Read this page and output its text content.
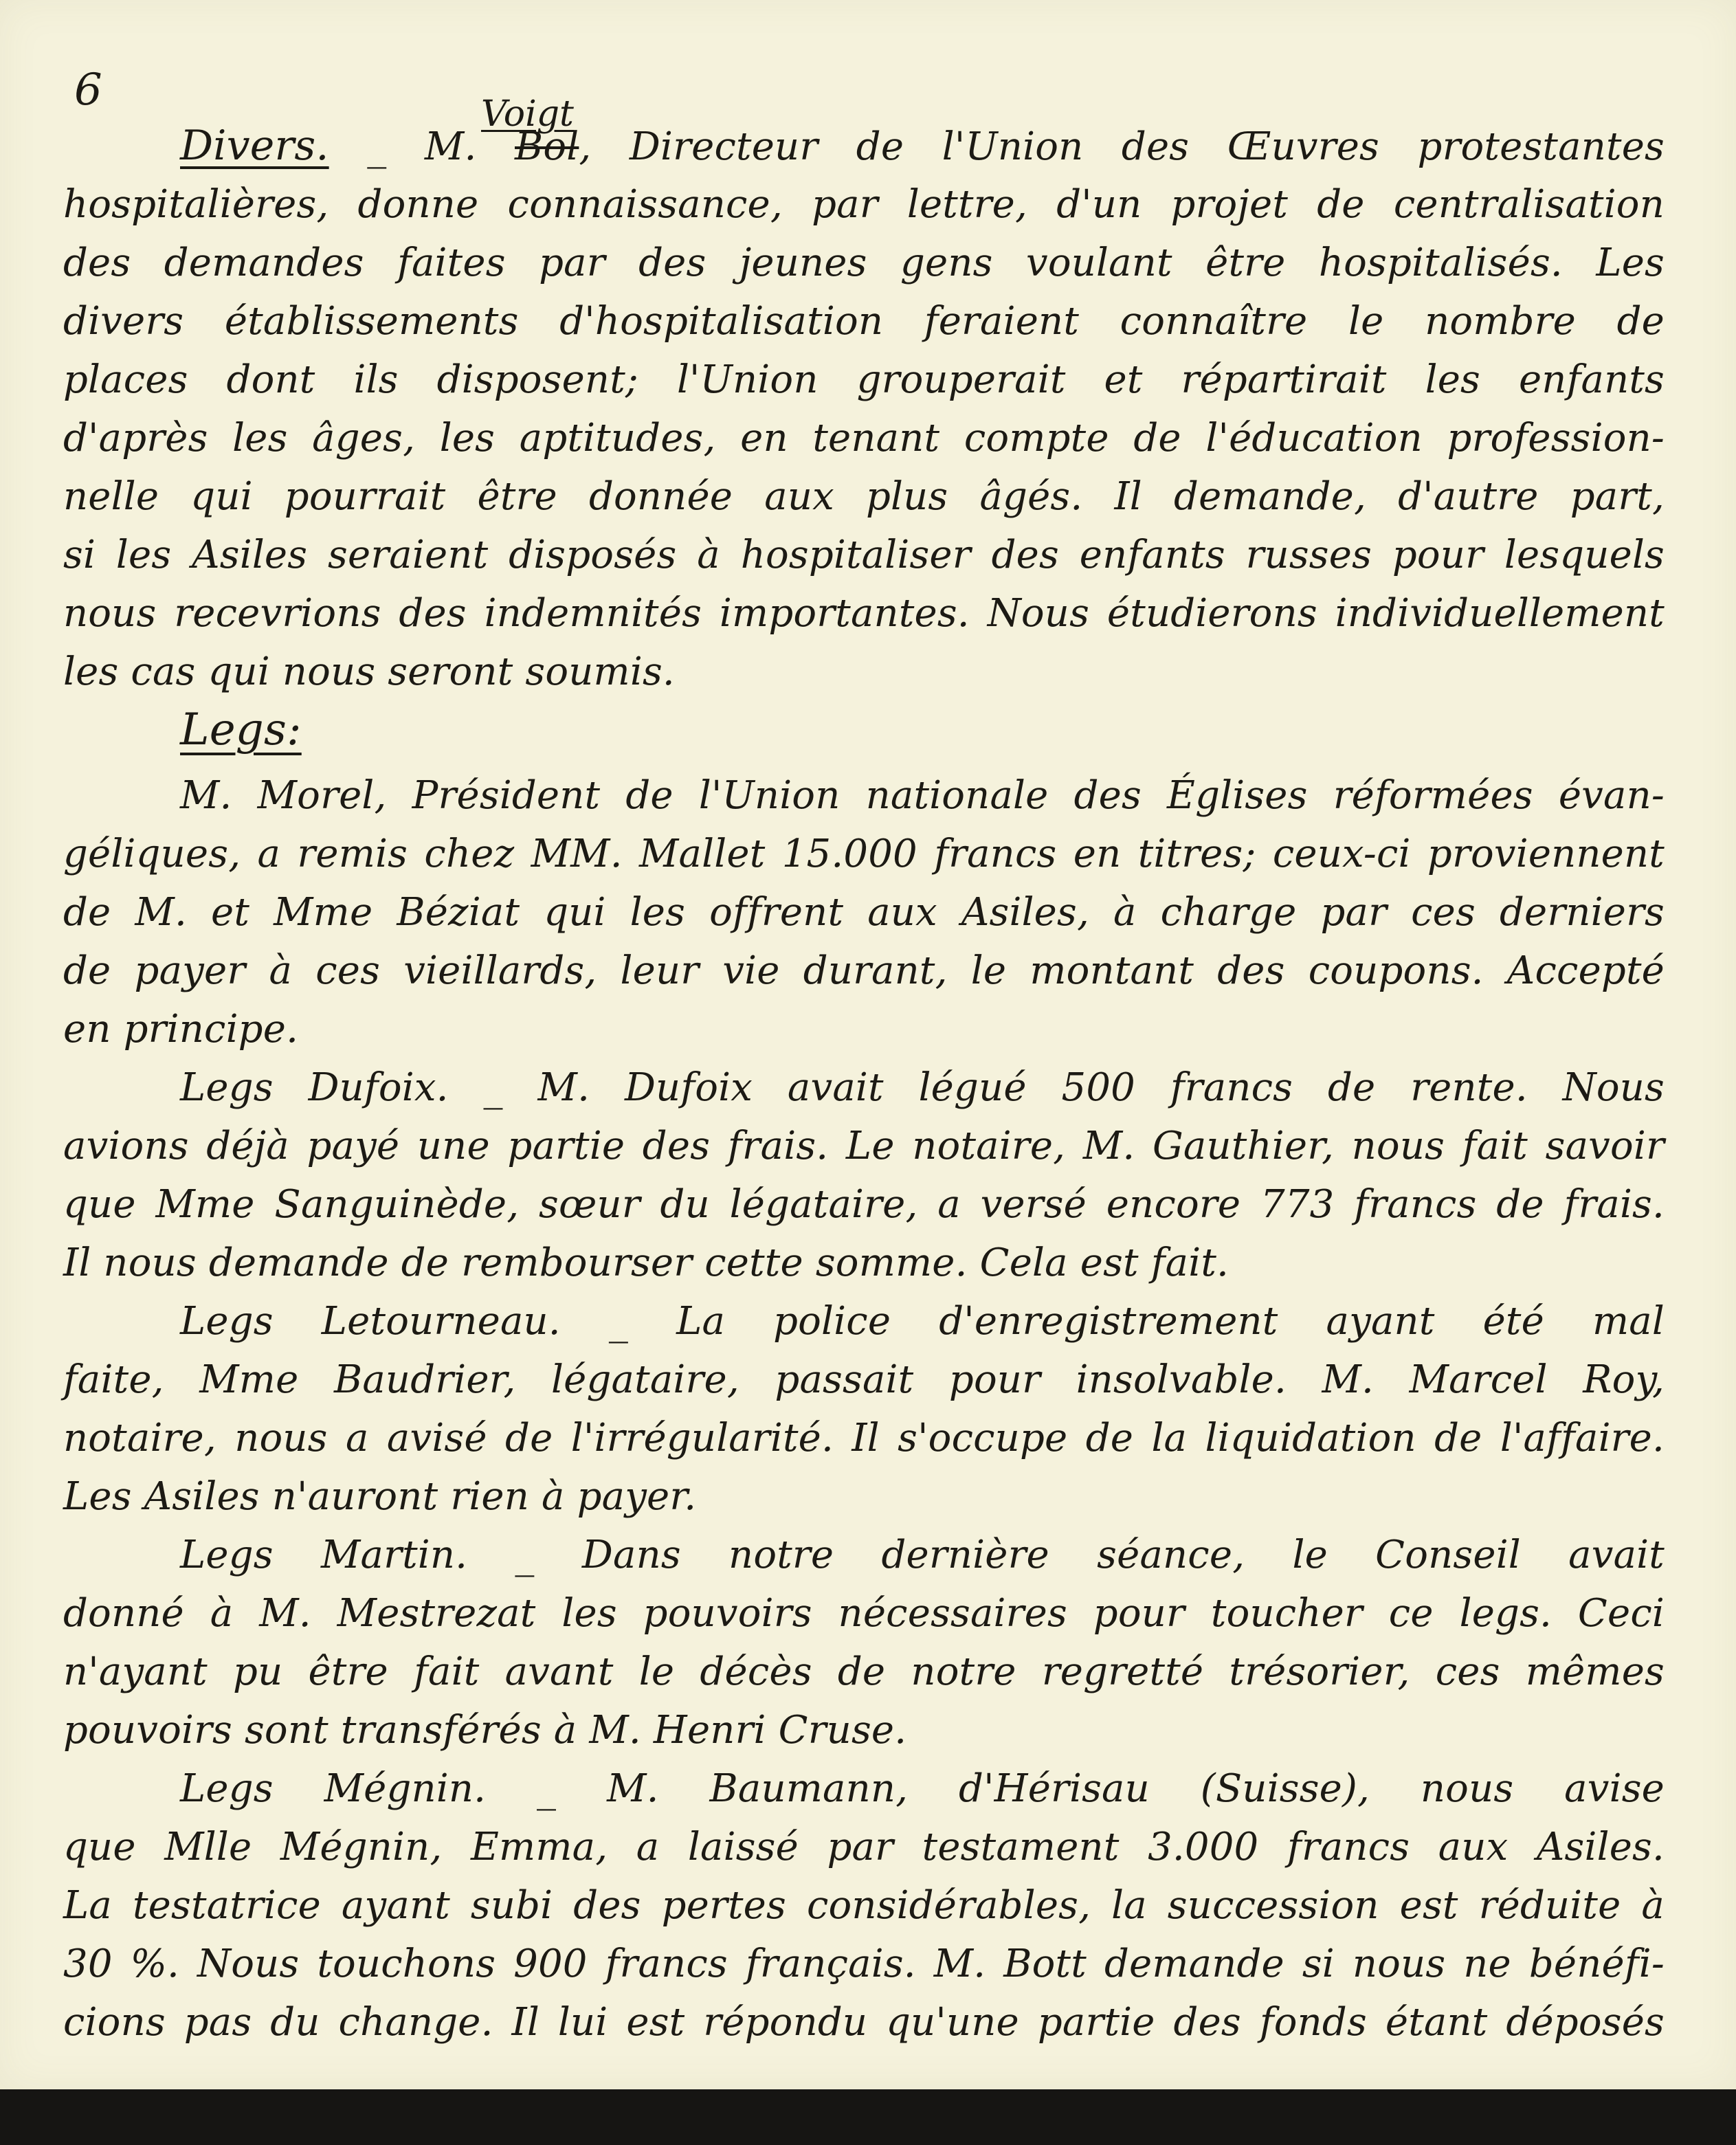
6	Voigt
Divers. _ M. Bol, Directeur de l'Union des Œuvres protestantes
hospitalières, donne connaissance, par lettre, d'un projet de centralisation
des demandes faites par des jeunes gens voulant être hospitalisés. Les
divers établissements d'hospitalisation feraient connaître le nombre de
places dont ils disposent; l'Union grouperait et répartirait les enfants
d'après les âges, les aptitudes, en tenant compte de l'éducation profession-
nelle qui pourrait être donnée aux plus âgés. Il demande, d'autre part,
si les Asiles seraient disposés à hospitaliser des enfants russes pour lesquels
nous recevrions des indemnités importantes. Nous étudierons individuellement
les cas qui nous seront soumis.
Legs:
M. Morel, Président de l'Union nationale des Églises réformées évan-
géliques, a remis chez MM. Mallet 15.000 francs en titres; ceux-ci proviennent
de M. et Mme Béziat qui les offrent aux Asiles, à charge par ces derniers
de payer à ces vieillards, leur vie durant, le montant des coupons. Accepté
en principe.
Legs Dufoix. _ M. Dufoix avait légué 500 francs de rente. Nous
avions déjà payé une partie des frais. Le notaire, M. Gauthier, nous fait savoir
que Mme Sanguinède, sœur du légataire, a versé encore 773 francs de frais.
Il nous demande de rembourser cette somme. Cela est fait.
Legs Letourneau. _ La police d'enregistrement ayant été mal
faite, Mme Baudrier, légataire, passait pour insolvable. M. Marcel Roy,
notaire, nous a avisé de l'irrégularité. Il s'occupe de la liquidation de l'affaire.
Les Asiles n'auront rien à payer.
Legs Martin. _ Dans notre dernière séance, le Conseil avait
donné à M. Mestrezat les pouvoirs nécessaires pour toucher ce legs. Ceci
n'ayant pu être fait avant le décès de notre regretté trésorier, ces mêmes
pouvoirs sont transférés à M. Henri Cruse.
Legs Mégnin. _ M. Baumann, d'Hérisau (Suisse), nous avise
que Mlle Mégnin, Emma, a laissé par testament 3.000 francs aux Asiles.
La testatrice ayant subi des pertes considérables, la succession est réduite à
30 %. Nous touchons 900 francs français. M. Bott demande si nous ne bénéfi-
cions pas du change. Il lui est répondu qu'une partie des fonds étant déposés
